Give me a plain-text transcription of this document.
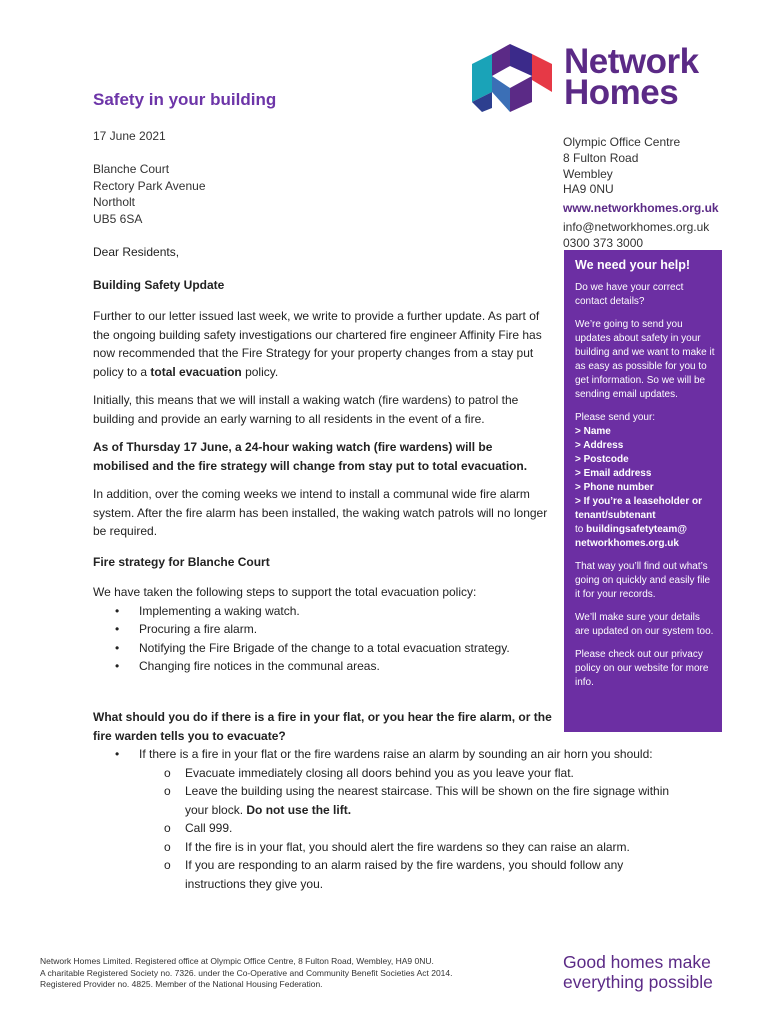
Network
Homes
Safety in your building
17 June 2021
Blanche Court
Rectory Park Avenue
Northolt
UB5 6SA
Olympic Office Centre
8 Fulton Road
Wembley
HA9 0NU
www.networkhomes.org.uk
info@networkhomes.org.uk
0300 373 3000
We need your help!

Do we have your correct contact details?

We’re going to send you updates about safety in your building and we want to make it as easy as possible for you to get information. So we will be sending email updates.

Please send your:

> Name

> Address

> Postcode

> Email address

> Phone number

> If you’re a leaseholder or tenant/subtenant

to buildingsafetyteam@ networkhomes.org.uk

That way you’ll find out what’s going on quickly and easily file it for your records.

We’ll make sure your details are updated on our system too.

Please check out our privacy policy on our website for more info.

Dear Residents,
Building Safety Update
Further to our letter issued last week, we write to provide a further update. As part of the ongoing building safety investigations our chartered fire engineer Affinity Fire has now recommended that the Fire Strategy for your property changes from a stay put policy to a total evacuation policy.
Initially, this means that we will install a waking watch (fire wardens) to patrol the building and provide an early warning to all residents in the event of a fire.
As of Thursday 17 June, a 24-hour waking watch (fire wardens) will be mobilised and the fire strategy will change from stay put to total evacuation.
In addition, over the coming weeks we intend to install a communal wide fire alarm system. After the fire alarm has been installed, the waking watch patrols will no longer be required.
Fire strategy for Blanche Court
We have taken the following steps to support the total evacuation policy:
• Implementing a waking watch.
• Procuring a fire alarm.
• Notifying the Fire Brigade of the change to a total evacuation strategy.
• Changing fire notices in the communal areas.
What should you do if there is a fire in your flat, or you hear the fire alarm, or the fire warden tells you to evacuate?
• If there is a fire in your flat or the fire wardens raise an alarm by sounding an air horn you should:
o Evacuate immediately closing all doors behind you as you leave your flat.
o Leave the building using the nearest staircase. This will be shown on the fire signage within your block. Do not use the lift.
o Call 999.
o If the fire is in your flat, you should alert the fire wardens so they can raise an alarm.
o If you are responding to an alarm raised by the fire wardens, you should follow any instructions they give you.
Network Homes Limited. Registered office at Olympic Office Centre, 8 Fulton Road, Wembley, HA9 0NU.
A charitable Registered Society no. 7326. under the Co-Operative and Community Benefit Societies Act 2014.
Registered Provider no. 4825. Member of the National Housing Federation.
Good homes make
everything possible
